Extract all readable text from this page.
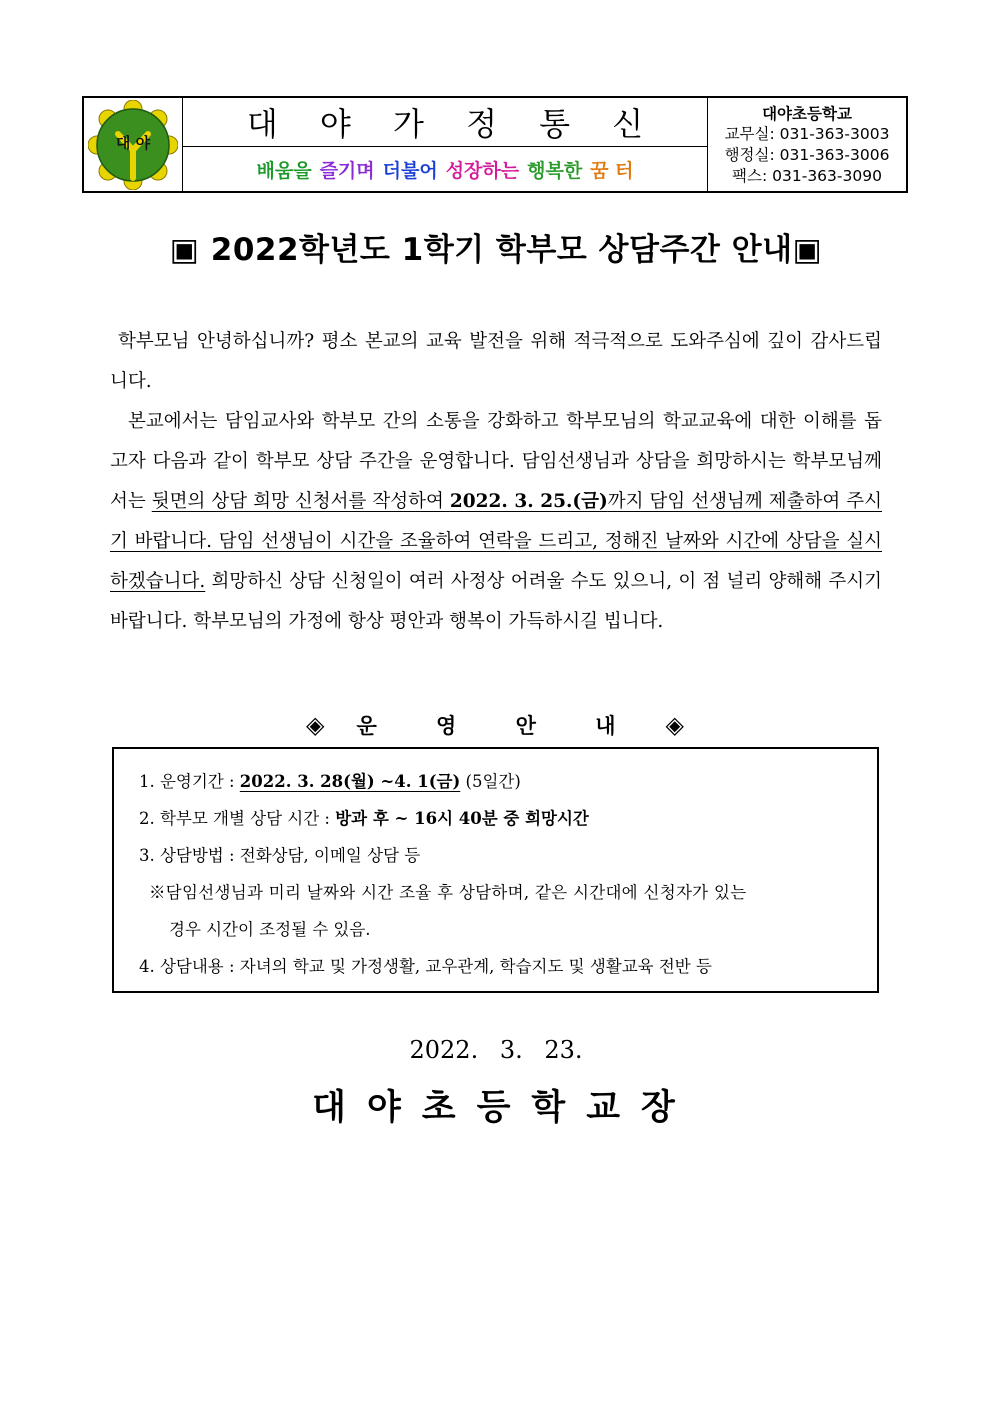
대 야	대 야 가 정 통 신
배움을 즐기며 더불어 성장하는 행복한 꿈 터
대야초등학교
교무실: 031-363-3003
행정실: 031-363-3006
팩스: 031-363-3090
▣ 2022학년도 1학기 학부모 상담주간 안내▣

학부모님 안녕하십니까? 평소 본교의 교육 발전을 위해 적극적으로 도와주심에 깊이 감사드립니다.

본교에서는 담임교사와 학부모 간의 소통을 강화하고 학부모님의 학교교육에 대한 이해를 돕고자 다음과 같이 학부모 상담 주간을 운영합니다. 담임선생님과 상담을 희망하시는 학부모님께서는 뒷면의 상담 희망 신청서를 작성하여 2022. 3. 25.(금)까지 담임 선생님께 제출하여 주시기 바랍니다. 담임 선생님이 시간을 조율하여 연락을 드리고, 정해진 날짜와 시간에 상담을 실시하겠습니다. 희망하신 상담 신청일이 여러 사정상 어려울 수도 있으니, 이 점 널리 양해해 주시기 바랍니다. 학부모님의 가정에 항상 평안과 행복이 가득하시길 빕니다.

◈ 운 영 안 내 ◈
1. 운영기간 : 2022. 3. 28(월) ~4. 1(금) (5일간)
2. 학부모 개별 상담 시간 : 방과 후 ~ 16시 40분 중 희망시간
3. 상담방법 : 전화상담, 이메일 상담 등
※담임선생님과 미리 날짜와 시간 조율 후 상담하며, 같은 시간대에 신청자가 있는
경우 시간이 조정될 수 있음.
4. 상담내용 : 자녀의 학교 및 가정생활, 교우관계, 학습지도 및 생활교육 전반 등
2022. 3. 23.
대야초등학교장
